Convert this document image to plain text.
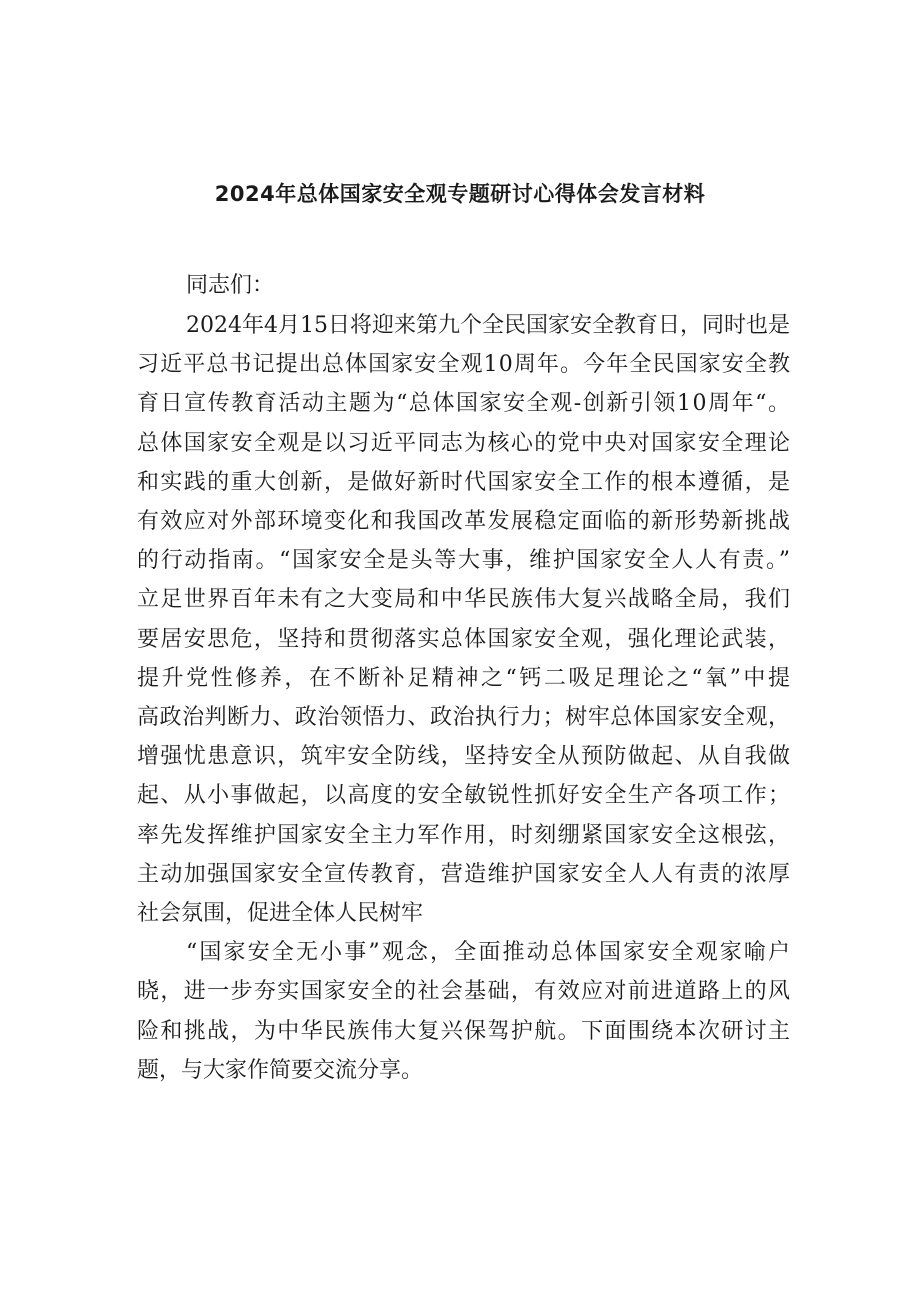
2024年总体国家安全观专题研讨心得体会发言材料
同志们：
2024年4月15日将迎来第九个全民国家安全教育日，同时也是
习近平总书记提出总体国家安全观10周年。今年全民国家安全教
育日宣传教育活动主题为“总体国家安全观-创新引领10周年“。
总体国家安全观是以习近平同志为核心的党中央对国家安全理论
和实践的重大创新，是做好新时代国家安全工作的根本遵循，是
有效应对外部环境变化和我国改革发展稳定面临的新形势新挑战
的行动指南。“国家安全是头等大事，维护国家安全人人有责。”
立足世界百年未有之大变局和中华民族伟大复兴战略全局，我们
要居安思危，坚持和贯彻落实总体国家安全观，强化理论武装，
提升党性修养，在不断补足精神之“钙二吸足理论之“氧”中提
高政治判断力、政治领悟力、政治执行力；树牢总体国家安全观，
增强忧患意识，筑牢安全防线，坚持安全从预防做起、从自我做
起、从小事做起，以高度的安全敏锐性抓好安全生产各项工作；
率先发挥维护国家安全主力军作用，时刻绷紧国家安全这根弦，
主动加强国家安全宣传教育，营造维护国家安全人人有责的浓厚
社会氛围，促进全体人民树牢
“国家安全无小事”观念，全面推动总体国家安全观家喻户
晓，进一步夯实国家安全的社会基础，有效应对前进道路上的风
险和挑战，为中华民族伟大复兴保驾护航。下面围绕本次研讨主
题，与大家作简要交流分享。
